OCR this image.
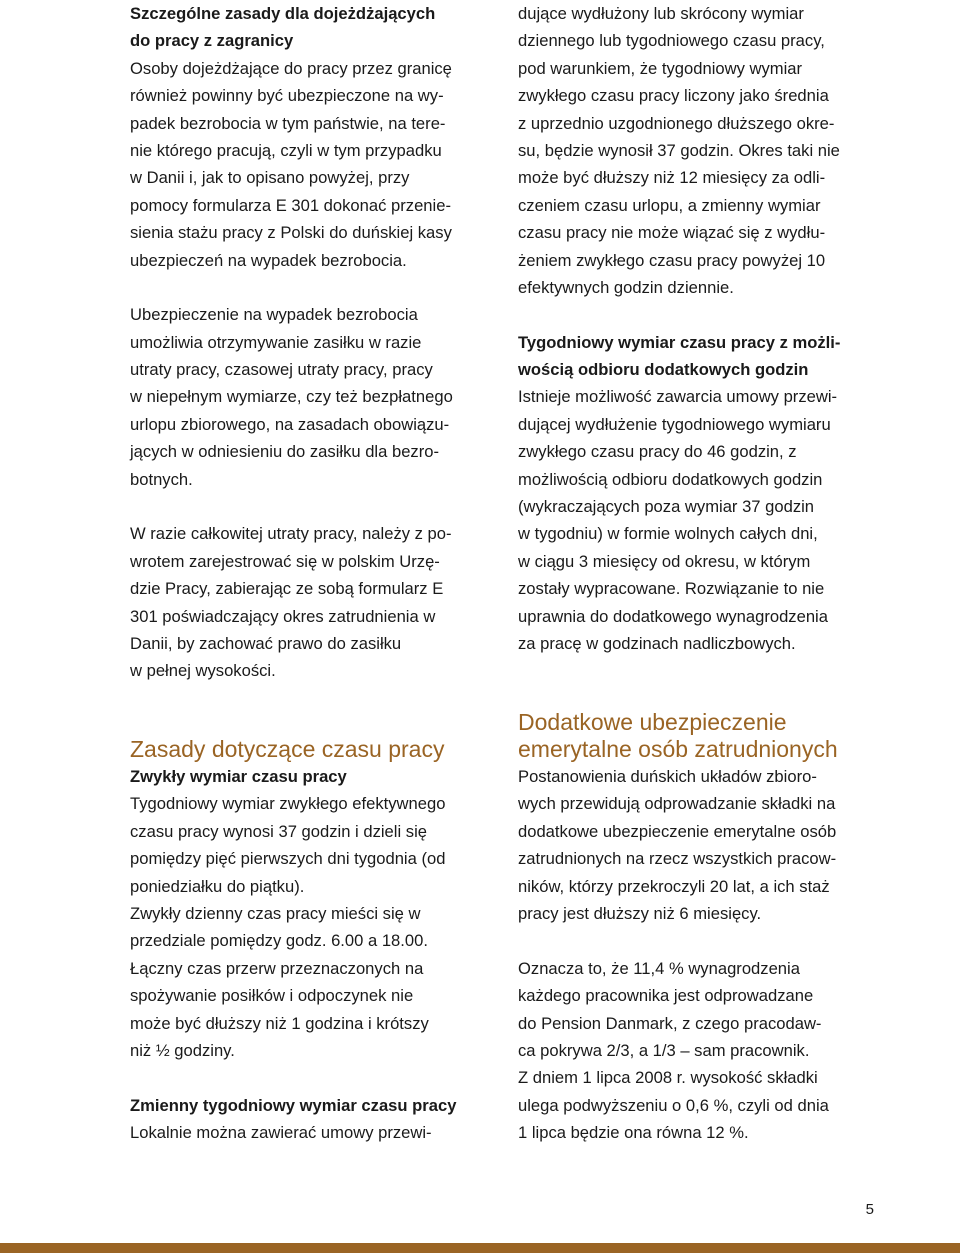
Szczególne zasady dla dojeżdżających
do pracy z zagranicy
Osoby dojeżdżające do pracy przez granicę
również powinny być ubezpieczone na wy-
padek bezrobocia w tym państwie, na tere-
nie którego pracują, czyli w tym przypadku
w Danii i, jak to opisano powyżej, przy
pomocy formularza E 301 dokonać przenie-
sienia stażu pracy z Polski do duńskiej kasy
ubezpieczeń na wypadek bezrobocia.
Ubezpieczenie na wypadek bezrobocia
umożliwia otrzymywanie zasiłku w razie
utraty pracy, czasowej utraty pracy, pracy
w niepełnym wymiarze, czy też bezpłatnego
urlopu zbiorowego, na zasadach obowiązu-
jących w odniesieniu do zasiłku dla bezro-
botnych.
W razie całkowitej utraty pracy, należy z po-
wrotem zarejestrować się w polskim Urzę-
dzie Pracy, zabierając ze sobą formularz E
301 poświadczający okres zatrudnienia w
Danii, by zachować prawo do zasiłku
w pełnej wysokości.
Zasady dotyczące czasu pracy
Zwykły wymiar czasu pracy
Tygodniowy wymiar zwykłego efektywnego
czasu pracy wynosi 37 godzin i dzieli się
pomiędzy pięć pierwszych dni tygodnia (od
poniedziałku do piątku).
Zwykły dzienny czas pracy mieści się w
przedziale pomiędzy godz. 6.00 a 18.00.
Łączny czas przerw przeznaczonych na
spożywanie posiłków i odpoczynek nie
może być dłuższy niż 1 godzina i krótszy
niż ½ godziny.
Zmienny tygodniowy wymiar czasu pracy
Lokalnie można zawierać umowy przewi-
dujące wydłużony lub skrócony wymiar
dziennego lub tygodniowego czasu pracy,
pod warunkiem, że tygodniowy wymiar
zwykłego czasu pracy liczony jako średnia
z uprzednio uzgodnionego dłuższego okre-
su, będzie wynosił 37 godzin. Okres taki nie
może być dłuższy niż 12 miesięcy za odli-
czeniem czasu urlopu, a zmienny wymiar
czasu pracy nie może wiązać się z wydłu-
żeniem zwykłego czasu pracy powyżej 10
efektywnych godzin dziennie.
Tygodniowy wymiar czasu pracy z możli-
wością odbioru dodatkowych godzin
Istnieje możliwość zawarcia umowy przewi-
dującej wydłużenie tygodniowego wymiaru
zwykłego czasu pracy do 46 godzin, z
możliwością odbioru dodatkowych godzin
(wykraczających poza wymiar 37 godzin
w tygodniu) w formie wolnych całych dni,
w ciągu 3 miesięcy od okresu, w którym
zostały wypracowane. Rozwiązanie to nie
uprawnia do dodatkowego wynagrodzenia
za pracę w godzinach nadliczbowych.
Dodatkowe ubezpieczenie
emerytalne osób zatrudnionych
Postanowienia duńskich układów zbioro-
wych przewidują odprowadzanie składki na
dodatkowe ubezpieczenie emerytalne osób
zatrudnionych na rzecz wszystkich pracow-
ników, którzy przekroczyli 20 lat, a ich staż
pracy jest dłuższy niż 6 miesięcy.
Oznacza to, że 11,4 % wynagrodzenia
każdego pracownika jest odprowadzane
do Pension Danmark, z czego pracodaw-
ca pokrywa 2/3, a 1/3 – sam pracownik.
Z dniem 1 lipca 2008 r. wysokość składki
ulega podwyższeniu o 0,6 %, czyli od dnia
1 lipca będzie ona równa 12 %.
5
